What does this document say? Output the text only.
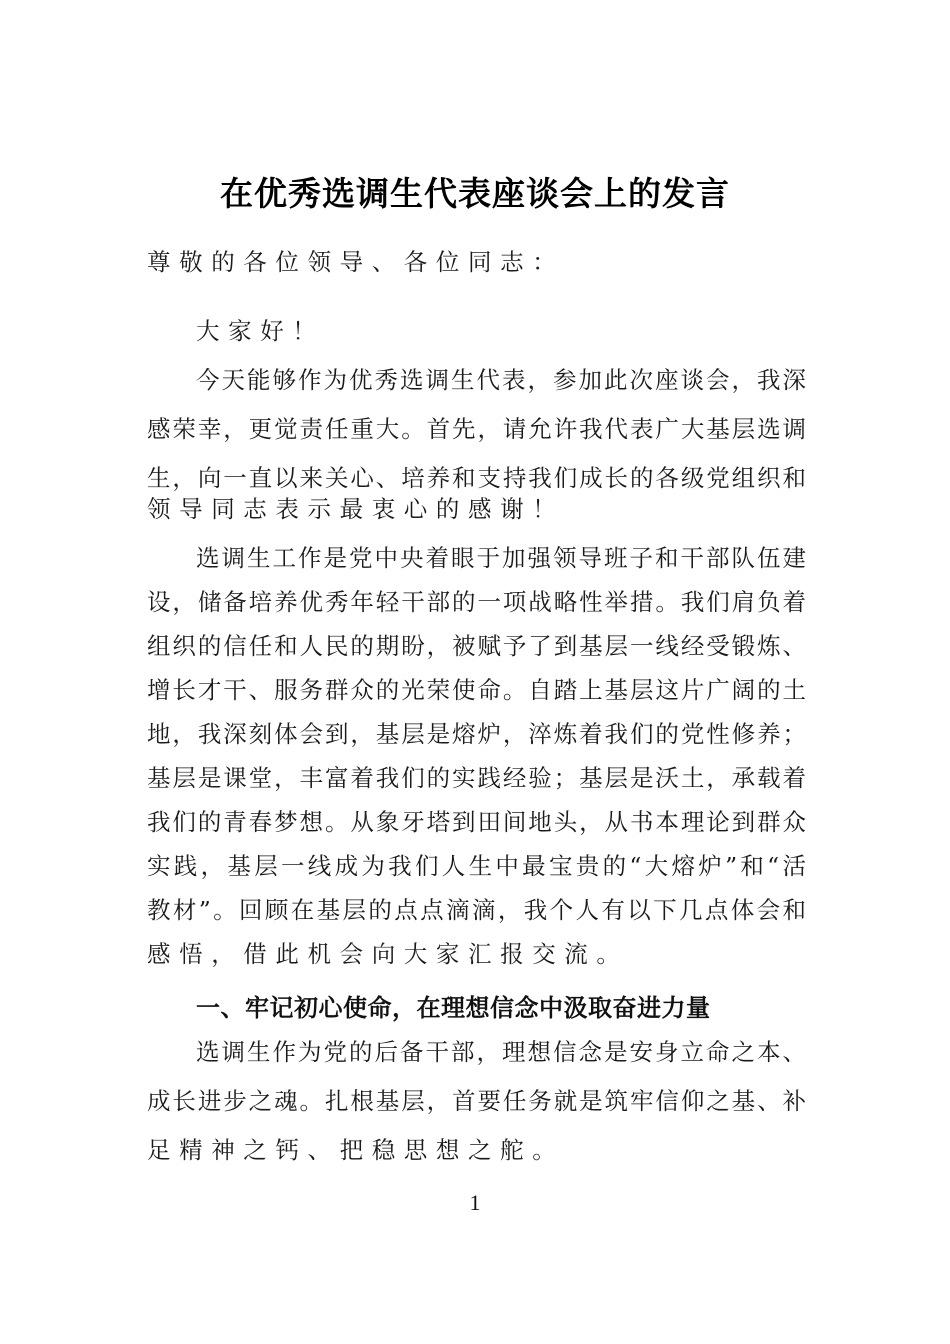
在优秀选调生代表座谈会上的发言
尊敬的各位领导、各位同志：
大家好！
今天能够作为优秀选调生代表，参加此次座谈会，我深
感荣幸，更觉责任重大。首先，请允许我代表广大基层选调
生，向一直以来关心、培养和支持我们成长的各级党组织和
领导同志表示最衷心的感谢！
选调生工作是党中央着眼于加强领导班子和干部队伍建
设，储备培养优秀年轻干部的一项战略性举措。我们肩负着
组织的信任和人民的期盼，被赋予了到基层一线经受锻炼、
增长才干、服务群众的光荣使命。自踏上基层这片广阔的土
地，我深刻体会到，基层是熔炉，淬炼着我们的党性修养；
基层是课堂，丰富着我们的实践经验；基层是沃土，承载着
我们的青春梦想。从象牙塔到田间地头，从书本理论到群众
实践，基层一线成为我们人生中最宝贵的“大熔炉”和“活
教材”。回顾在基层的点点滴滴，我个人有以下几点体会和
感悟，借此机会向大家汇报交流。
一、牢记初心使命，在理想信念中汲取奋进力量
选调生作为党的后备干部，理想信念是安身立命之本、
成长进步之魂。扎根基层，首要任务就是筑牢信仰之基、补
足精神之钙、把稳思想之舵。
1
